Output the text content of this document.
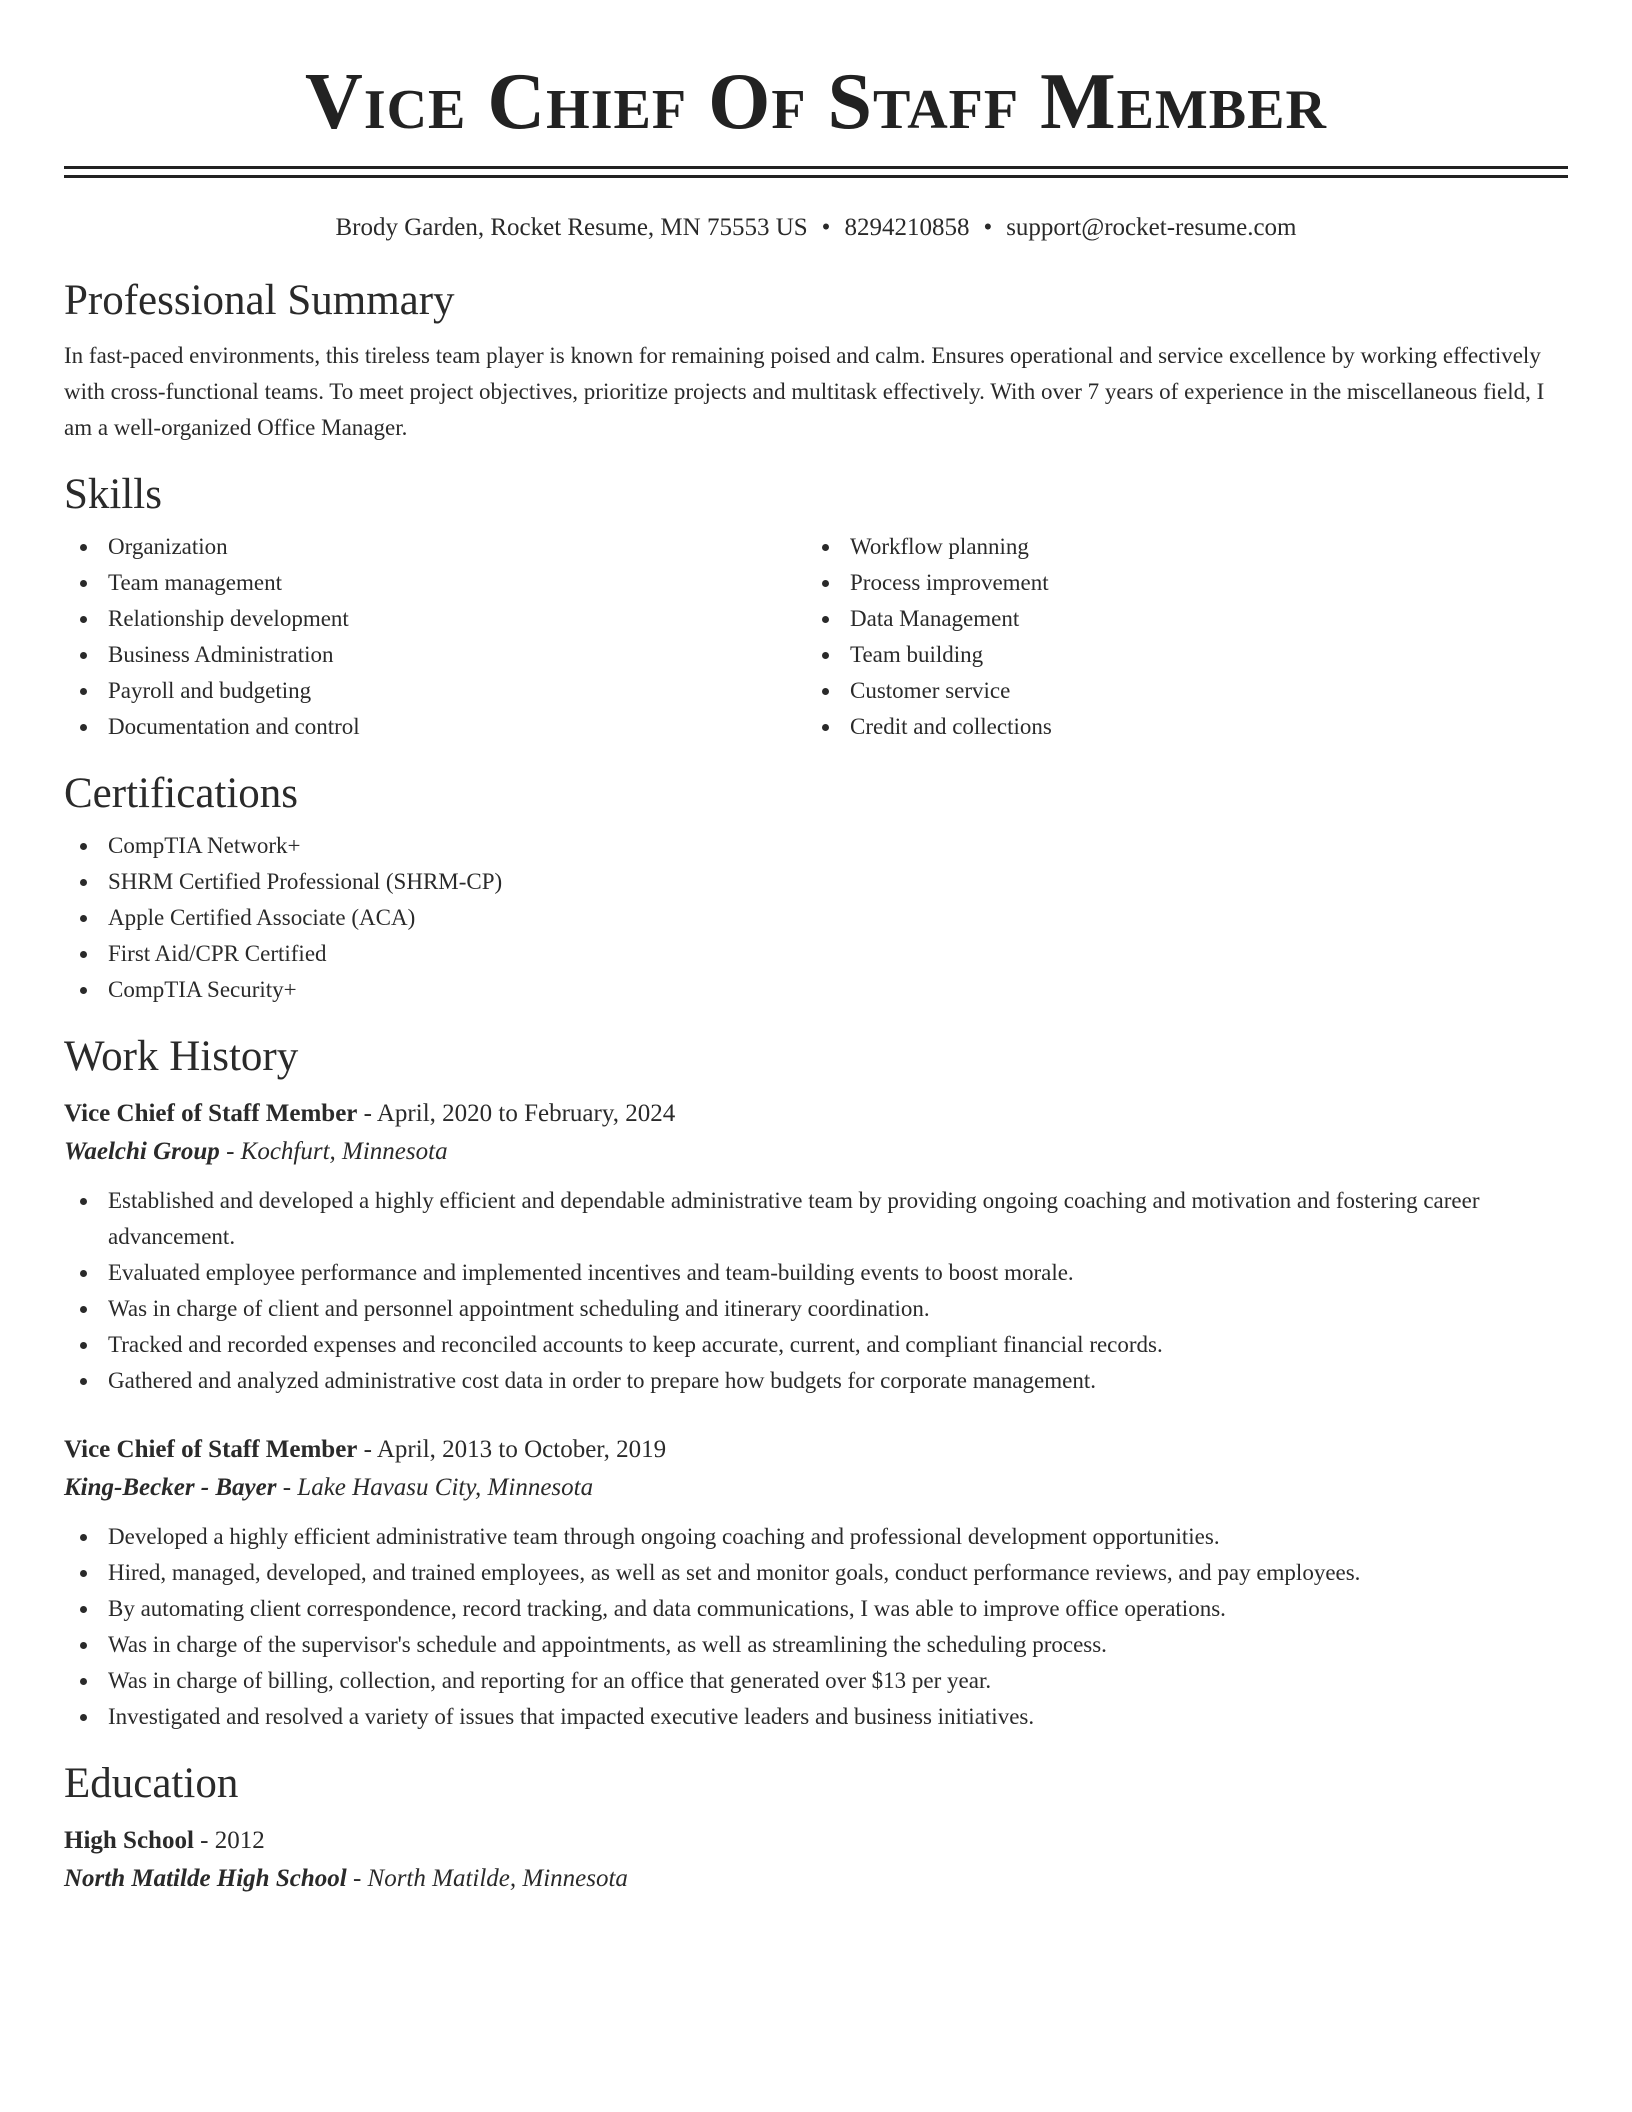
Vice Chief Of Staff Member
Brody Garden, Rocket Resume, MN 75553 US • 8294210858 • support@rocket-resume.com
Professional Summary

In fast-paced environments, this tireless team player is known for remaining poised and calm. Ensures operational and service excellence by working effectively with cross-functional teams. To meet project objectives, prioritize projects and multitask effectively. With over 7 years of experience in the miscellaneous field, I am a well-organized Office Manager.

Skills
Organization
Team management
Relationship development
Business Administration
Payroll and budgeting
Documentation and control
Workflow planning
Process improvement
Data Management
Team building
Customer service
Credit and collections
Certifications
CompTIA Network+
SHRM Certified Professional (SHRM-CP)
Apple Certified Associate (ACA)
First Aid/CPR Certified
CompTIA Security+
Work History
Vice Chief of Staff Member - April, 2020 to February, 2024
Waelchi Group - Kochfurt, Minnesota
Established and developed a highly efficient and dependable administrative team by providing ongoing coaching and motivation and fostering career advancement.
Evaluated employee performance and implemented incentives and team-building events to boost morale.
Was in charge of client and personnel appointment scheduling and itinerary coordination.
Tracked and recorded expenses and reconciled accounts to keep accurate, current, and compliant financial records.
Gathered and analyzed administrative cost data in order to prepare how budgets for corporate management.
Vice Chief of Staff Member - April, 2013 to October, 2019
King-Becker - Bayer - Lake Havasu City, Minnesota
Developed a highly efficient administrative team through ongoing coaching and professional development opportunities.
Hired, managed, developed, and trained employees, as well as set and monitor goals, conduct performance reviews, and pay employees.
By automating client correspondence, record tracking, and data communications, I was able to improve office operations.
Was in charge of the supervisor's schedule and appointments, as well as streamlining the scheduling process.
Was in charge of billing, collection, and reporting for an office that generated over $13 per year.
Investigated and resolved a variety of issues that impacted executive leaders and business initiatives.
Education
High School - 2012
North Matilde High School - North Matilde, Minnesota
